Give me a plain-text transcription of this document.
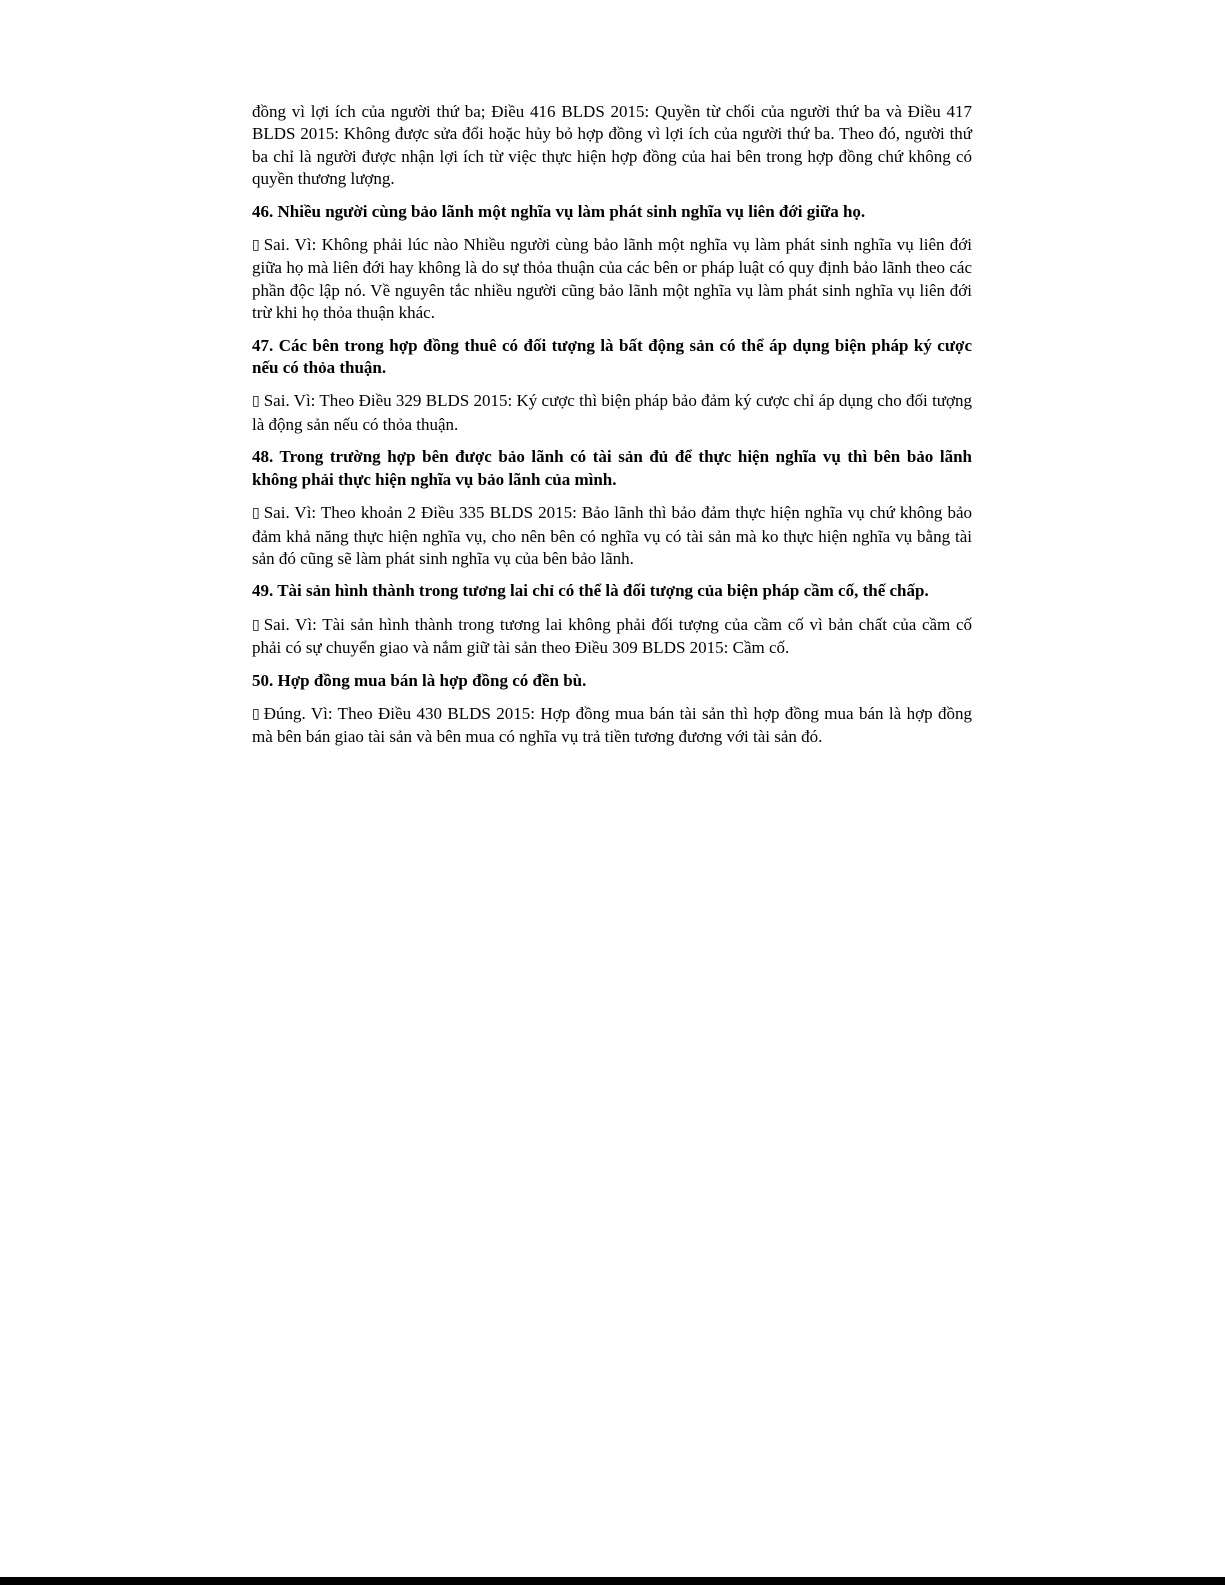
đồng vì lợi ích của người thứ ba; Điều 416 BLDS 2015: Quyền từ chối của người thứ ba và Điều 417 BLDS 2015: Không được sửa đổi hoặc hủy bỏ hợp đồng vì lợi ích của người thứ ba. Theo đó, người thứ ba chỉ là người được nhận lợi ích từ việc thực hiện hợp đồng của hai bên trong hợp đồng chứ không có quyền thương lượng.

46. Nhiều người cùng bảo lãnh một nghĩa vụ làm phát sinh nghĩa vụ liên đới giữa họ.

▯ Sai. Vì: Không phải lúc nào Nhiều người cùng bảo lãnh một nghĩa vụ làm phát sinh nghĩa vụ liên đới giữa họ mà liên đới hay không là do sự thỏa thuận của các bên or pháp luật có quy định bảo lãnh theo các phần độc lập nó. Về nguyên tắc nhiều người cũng bảo lãnh một nghĩa vụ làm phát sinh nghĩa vụ liên đới trừ khi họ thỏa thuận khác.

47. Các bên trong hợp đồng thuê có đối tượng là bất động sản có thể áp dụng biện pháp ký cược nếu có thỏa thuận.

▯ Sai. Vì: Theo Điều 329 BLDS 2015: Ký cược thì biện pháp bảo đảm ký cược chỉ áp dụng cho đối tượng là động sản nếu có thỏa thuận.

48. Trong trường hợp bên được bảo lãnh có tài sản đủ để thực hiện nghĩa vụ thì bên bảo lãnh không phải thực hiện nghĩa vụ bảo lãnh của mình.

▯ Sai. Vì: Theo khoản 2 Điều 335 BLDS 2015: Bảo lãnh thì bảo đảm thực hiện nghĩa vụ chứ không bảo đảm khả năng thực hiện nghĩa vụ, cho nên bên có nghĩa vụ có tài sản mà ko thực hiện nghĩa vụ bằng tài sản đó cũng sẽ làm phát sinh nghĩa vụ của bên bảo lãnh.

49. Tài sản hình thành trong tương lai chỉ có thể là đối tượng của biện pháp cầm cố, thế chấp.

▯ Sai. Vì: Tài sản hình thành trong tương lai không phải đối tượng của cầm cố vì bản chất của cầm cố phải có sự chuyển giao và nắm giữ tài sản theo Điều 309 BLDS 2015: Cầm cố.

50. Hợp đồng mua bán là hợp đồng có đền bù.

▯ Đúng. Vì: Theo Điều 430 BLDS 2015: Hợp đồng mua bán tài sản thì hợp đồng mua bán là hợp đồng mà bên bán giao tài sản và bên mua có nghĩa vụ trả tiền tương đương với tài sản đó.
